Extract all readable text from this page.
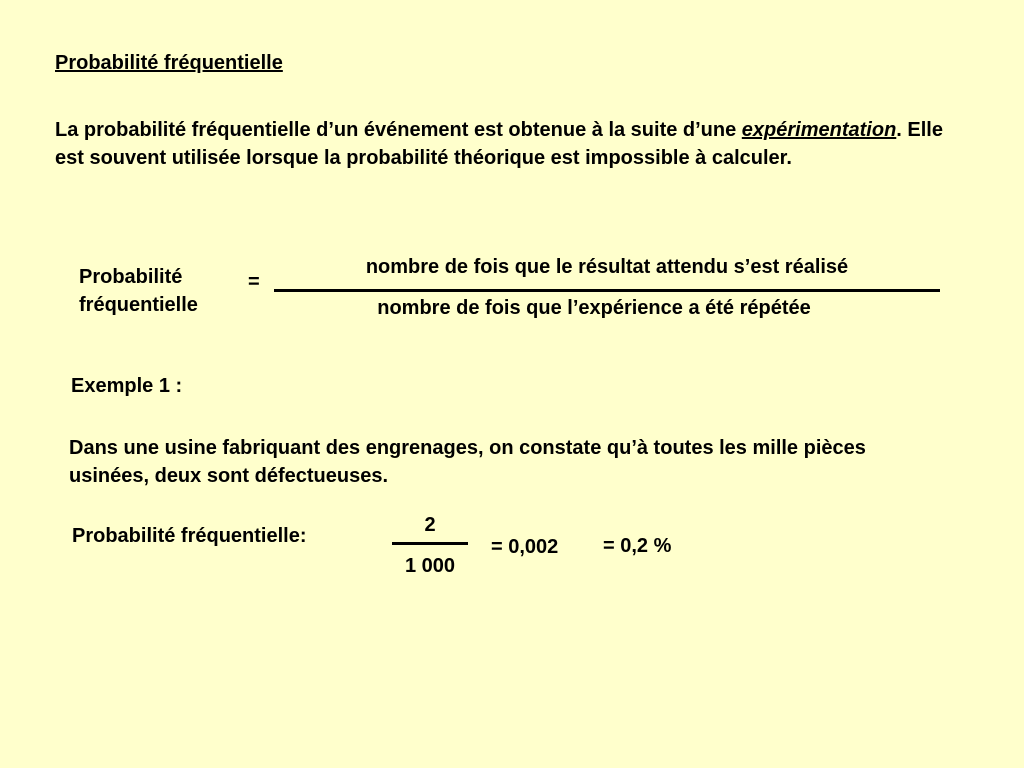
Probabilité fréquentielle
La probabilité fréquentielle d’un événement est obtenue à la suite d’une expérimentation. Elle est souvent utilisée lorsque la probabilité théorique est impossible à calculer.
Probabilité
fréquentielle
=
nombre de fois que le résultat attendu s’est réalisé
nombre de fois que l’expérience a été répétée
Exemple 1 :
Dans une usine fabriquant des engrenages, on constate qu’à toutes les mille pièces usinées, deux sont défectueuses.
Probabilité fréquentielle:	2
1 000
= 0,002 = 0,2 %
